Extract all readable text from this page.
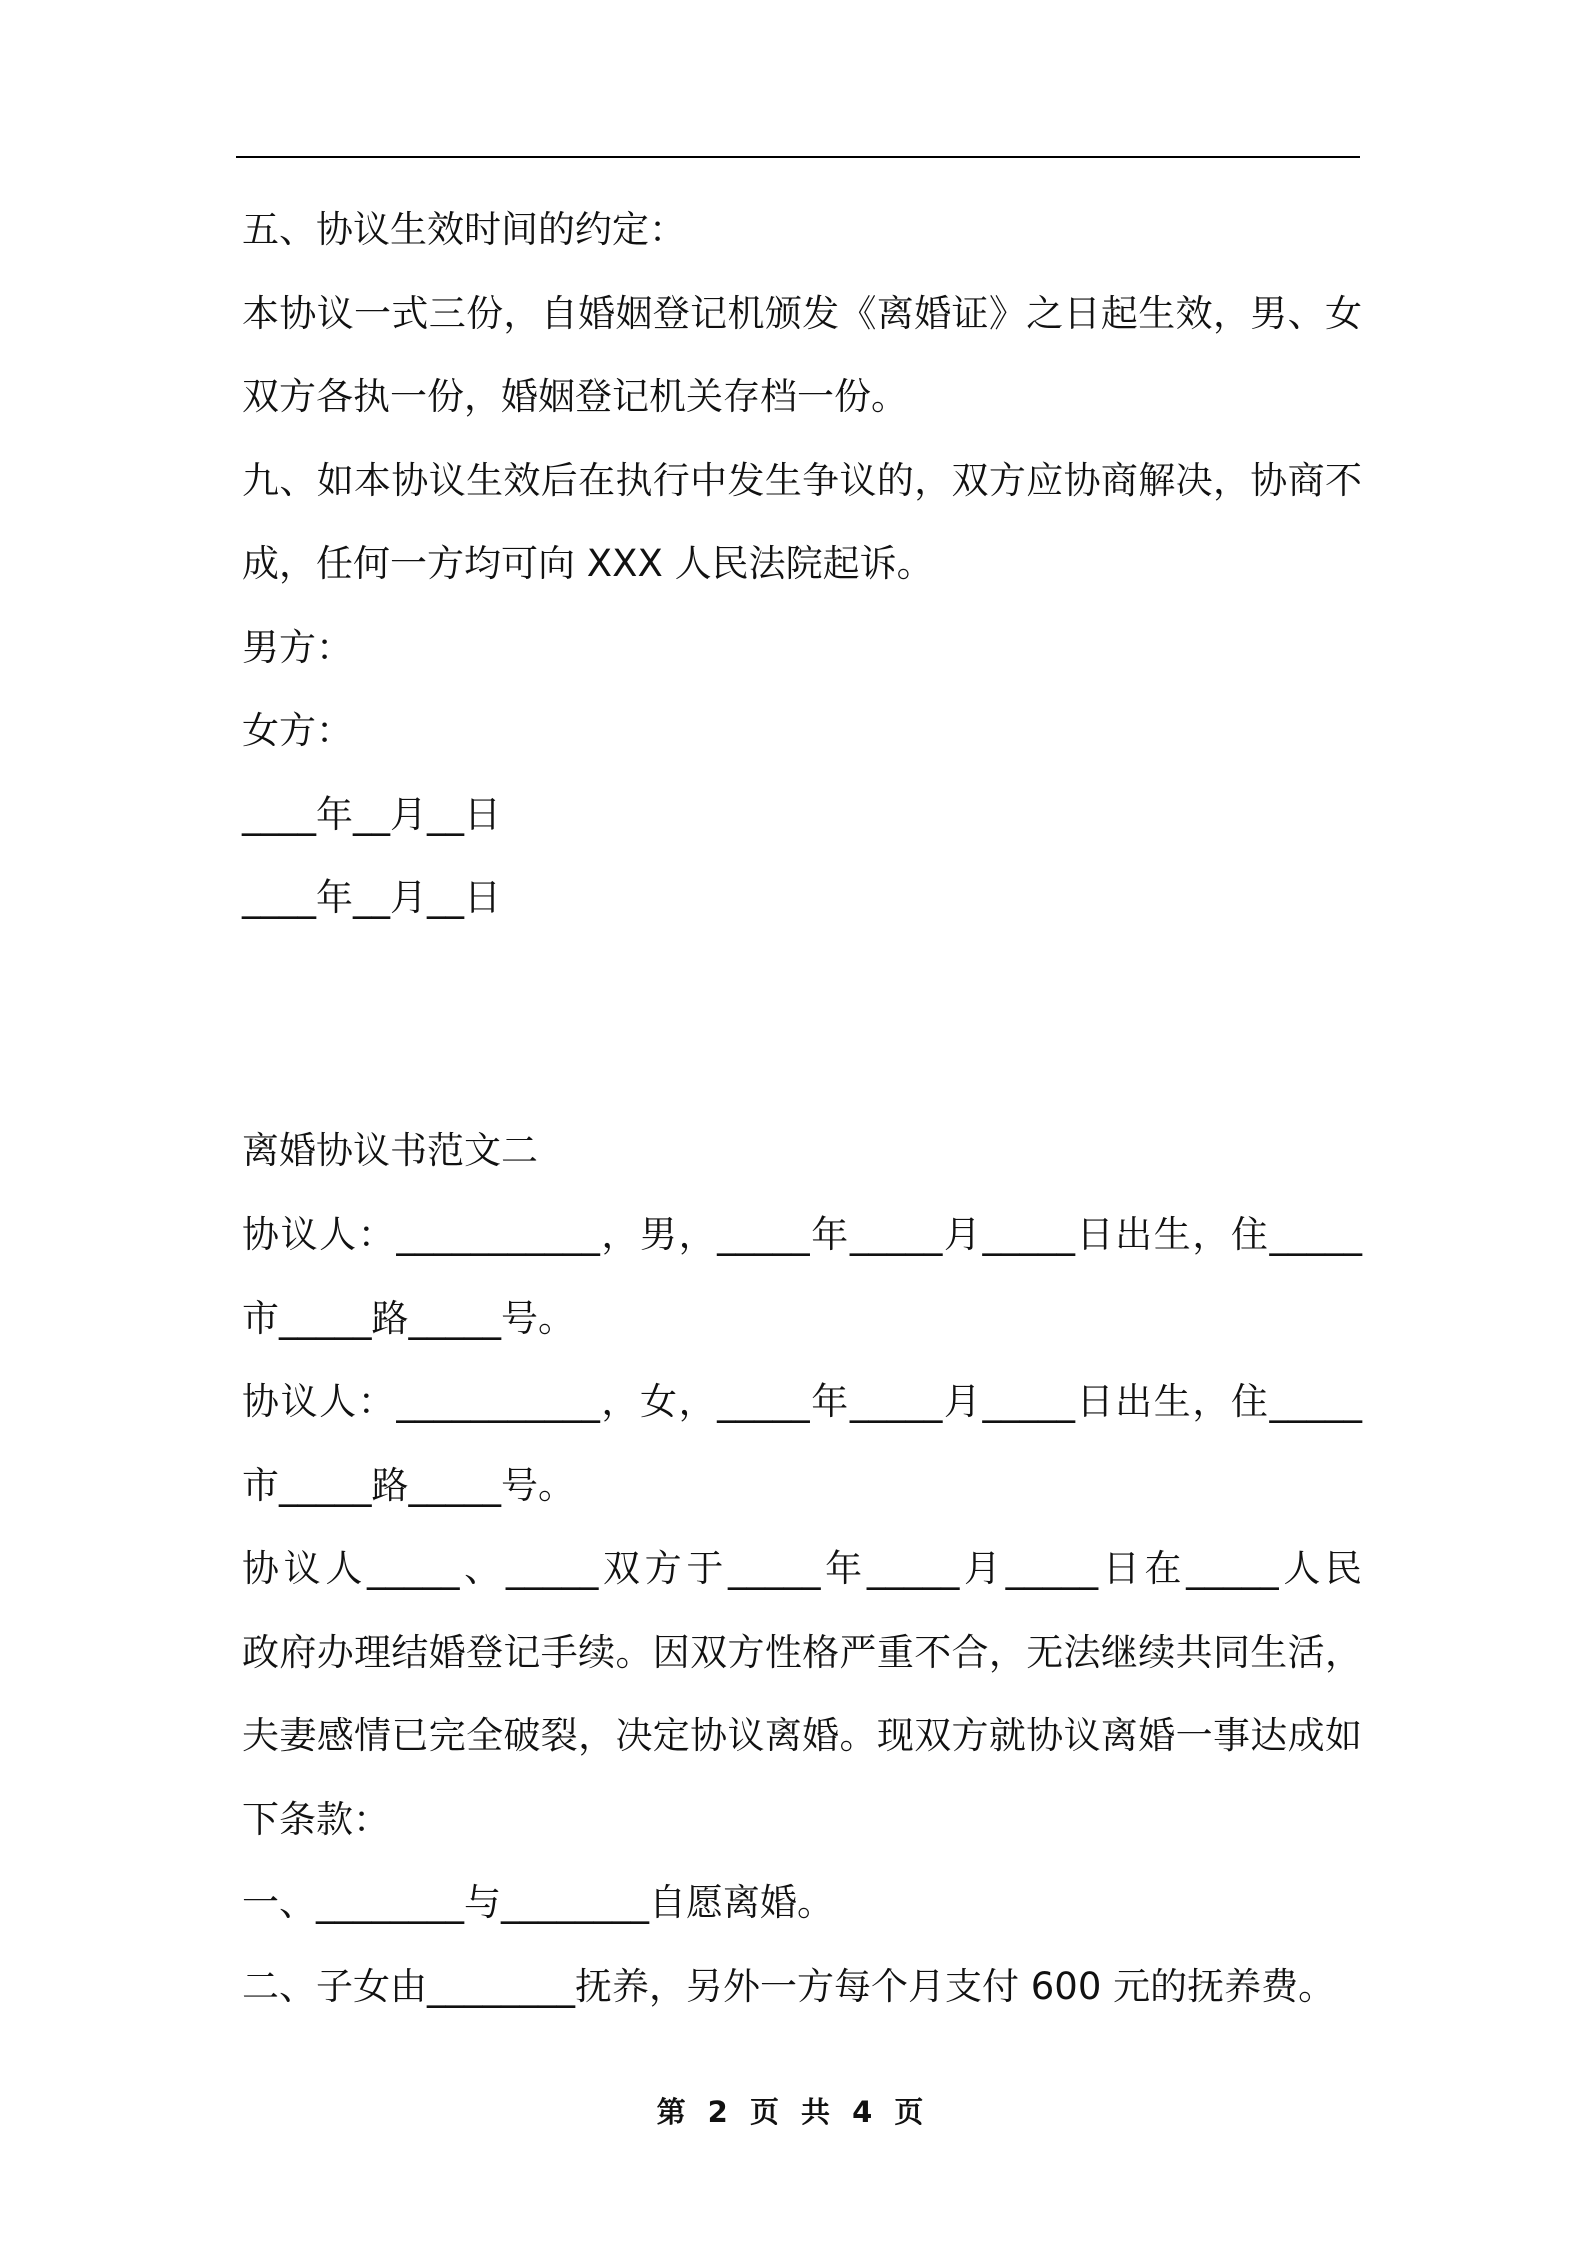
五、协议生效时间的约定：
本协议一式三份，自婚姻登记机颁发《离婚证》之日起生效，男、女
双方各执一份，婚姻登记机关存档一份。
九、如本协议生效后在执行中发生争议的，双方应协商解决，协商不
成，任何一方均可向 XXX 人民法院起诉。
男方：
女方：
____年__月__日
____年__月__日
离婚协议书范文二
协议人：___________，男，_____年_____月_____日出生，住_____
市_____路_____号。
协议人：___________，女，_____年_____月_____日出生，住_____
市_____路_____号。
协议人_____、_____双方于_____年_____月_____日在_____人民
政府办理结婚登记手续。因双方性格严重不合，无法继续共同生活，
夫妻感情已完全破裂，决定协议离婚。现双方就协议离婚一事达成如
下条款：
一、________与________自愿离婚。
二、子女由________抚养，另外一方每个月支付 600 元的抚养费。
第 2 页 共 4 页
